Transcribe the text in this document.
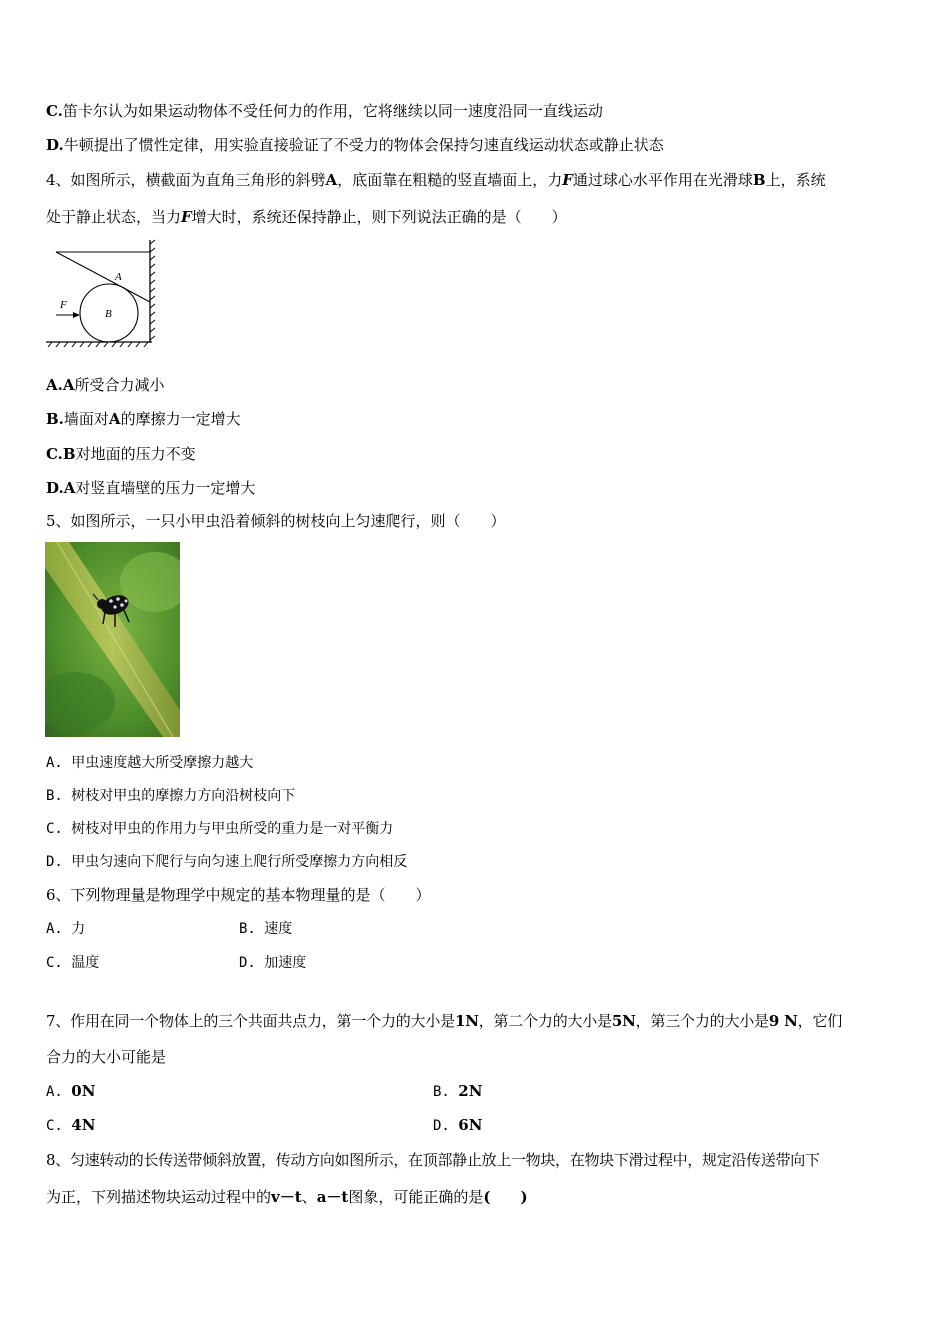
C.笛卡尔认为如果运动物体不受任何力的作用，它将继续以同一速度沿同一直线运动
D.牛顿提出了惯性定律，用实验直接验证了不受力的物体会保持匀速直线运动状态或静止状态
4、如图所示，横截面为直角三角形的斜劈A，底面靠在粗糙的竖直墙面上，力F通过球心水平作用在光滑球B上，系统
处于静止状态，当力F增大时，系统还保持静止，则下列说法正确的是（　　）
A
B
F
A.A所受合力减小
B.墙面对A的摩擦力一定增大
C.B对地面的压力不变
D.A对竖直墙壁的压力一定增大
5、如图所示，一只小甲虫沿着倾斜的树枝向上匀速爬行，则（　　）
A. 甲虫速度越大所受摩擦力越大
B. 树枝对甲虫的摩擦力方向沿树枝向下
C. 树枝对甲虫的作用力与甲虫所受的重力是一对平衡力
D. 甲虫匀速向下爬行与向匀速上爬行所受摩擦力方向相反
6、下列物理量是物理学中规定的基本物理量的是（　　）
A. 力	B. 速度
C. 温度	D. 加速度
7、作用在同一个物体上的三个共面共点力，第一个力的大小是1N，第二个力的大小是5N，第三个力的大小是9 N，它们
合力的大小可能是
A. 0N	B. 2N
C. 4N	D. 6N
8、匀速转动的长传送带倾斜放置，传动方向如图所示，在顶部静止放上一物块，在物块下滑过程中，规定沿传送带向下
为正，下列描述物块运动过程中的v－t、a－t图象，可能正确的是(　　)
